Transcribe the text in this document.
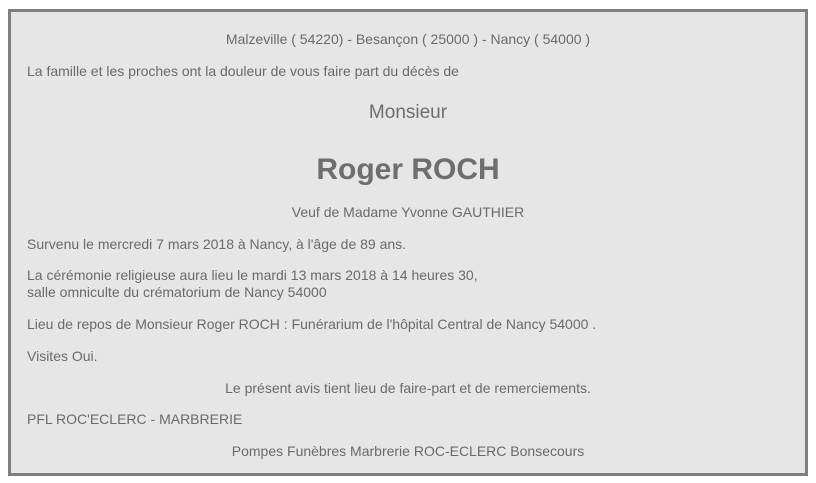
Malzeville ( 54220) - Besançon ( 25000 ) - Nancy ( 54000 )
La famille et les proches ont la douleur de vous faire part du décès de
Monsieur
Roger ROCH
Veuf de Madame Yvonne GAUTHIER
Survenu le mercredi 7 mars 2018 à Nancy, à l'âge de 89 ans.
La cérémonie religieuse aura lieu le mardi 13 mars 2018 à 14 heures 30,
salle omniculte du crématorium de Nancy 54000
Lieu de repos de Monsieur Roger ROCH : Funérarium de l'hôpital Central de Nancy 54000 .
Visites Oui.
Le présent avis tient lieu de faire-part et de remerciements.
PFL ROC'ECLERC - MARBRERIE
Pompes Funèbres Marbrerie ROC-ECLERC Bonsecours
